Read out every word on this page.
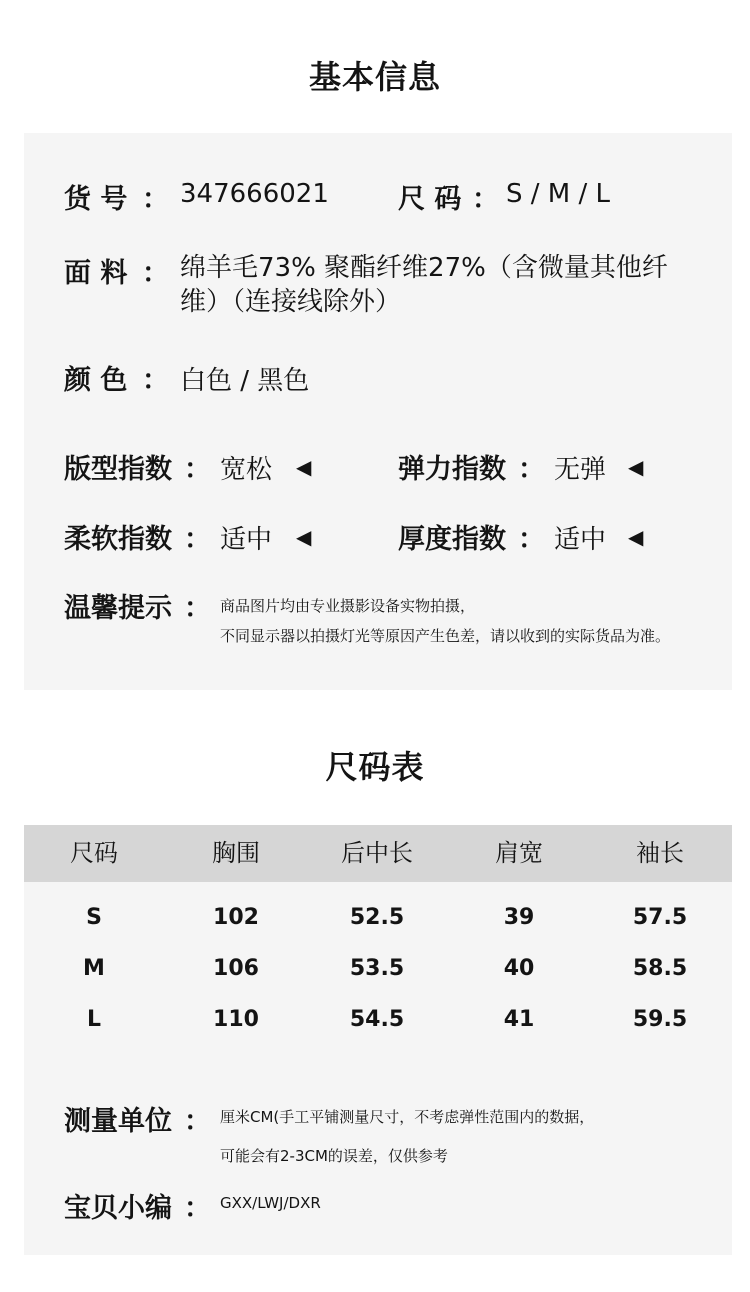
基本信息
货 号 ： 347666021	尺 码 ： S / M / L
面 料 ： 绵羊毛73% 聚酯纤维27%（含微量其他纤维）（连接线除外）
颜 色 ： 白色 / 黑色
版型指数 ： 宽松 ◀	弹力指数 ： 无弹 ◀
柔软指数 ： 适中 ◀	厚度指数 ： 适中 ◀
温馨提示 ： 商品图片均由专业摄影设备实物拍摄，
不同显示器以拍摄灯光等原因产生色差，请以收到的实际货品为准。
尺码表
尺码	胸围	后中长	肩宽	袖长
S	102	52.5	39	57.5
M	106	53.5	40	58.5
L	110	54.5	41	59.5
测量单位 ： 厘米CM(手工平铺测量尺寸，不考虑弹性范围内的数据，
可能会有2-3CM的误差，仅供参考
宝贝小编 ： GXX/LWJ/DXR
